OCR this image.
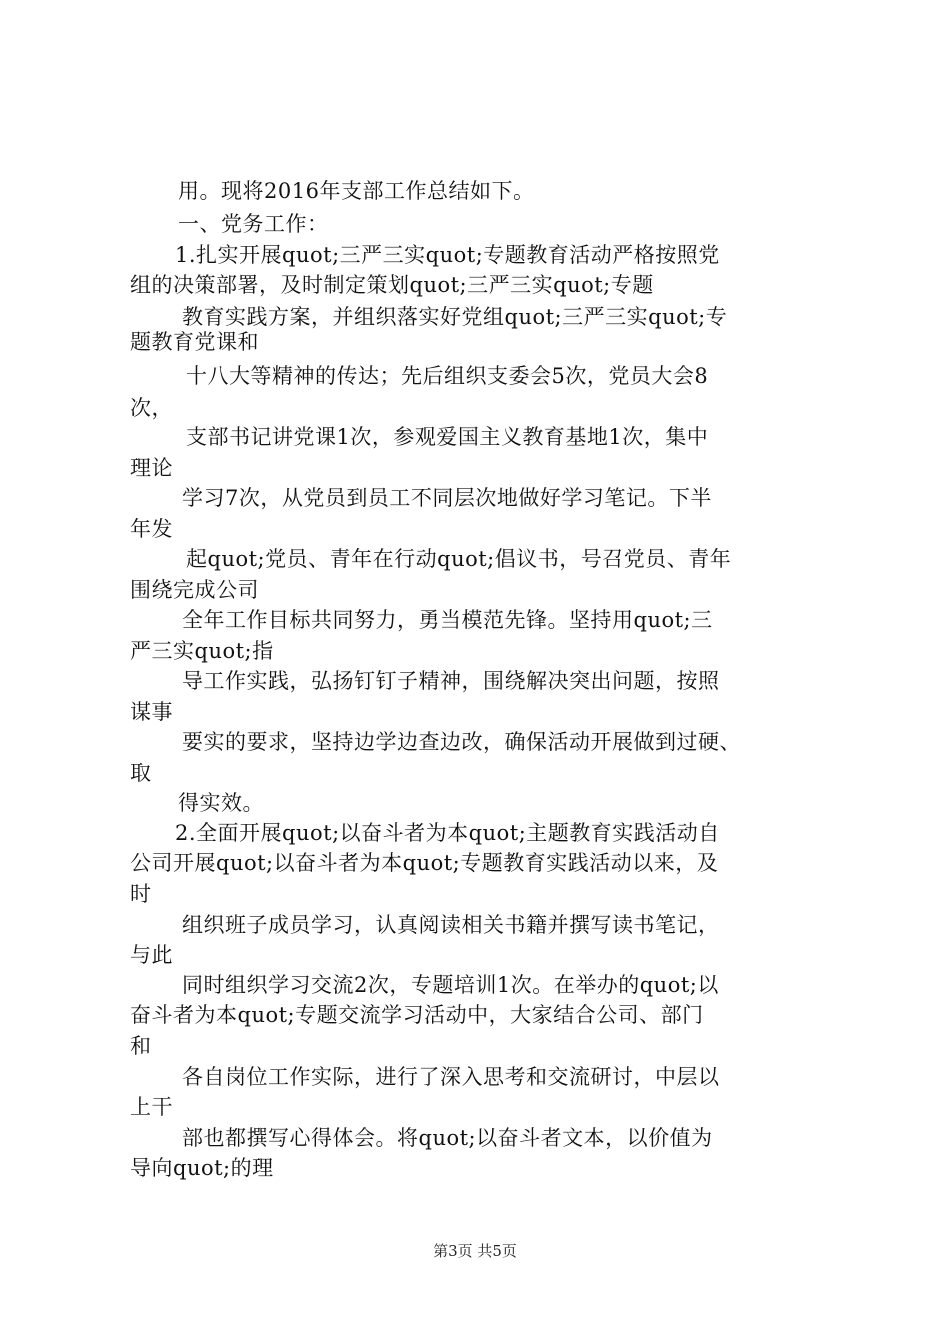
用。现将2016年支部工作总结如下。
一、党务工作：
1.扎实开展quot;三严三实quot;专题教育活动严格按照党
组的决策部署，及时制定策划quot;三严三实quot;专题
教育实践方案，并组织落实好党组quot;三严三实quot;专
题教育党课和
十八大等精神的传达；先后组织支委会5次，党员大会8
次，
支部书记讲党课1次，参观爱国主义教育基地1次，集中
理论
学习7次，从党员到员工不同层次地做好学习笔记。下半
年发
起quot;党员、青年在行动quot;倡议书，号召党员、青年
围绕完成公司
全年工作目标共同努力，勇当模范先锋。坚持用quot;三
严三实quot;指
导工作实践，弘扬钉钉子精神，围绕解决突出问题，按照
谋事
要实的要求，坚持边学边查边改，确保活动开展做到过硬、
取
得实效。
2.全面开展quot;以奋斗者为本quot;主题教育实践活动自
公司开展quot;以奋斗者为本quot;专题教育实践活动以来，及
时
组织班子成员学习，认真阅读相关书籍并撰写读书笔记，
与此
同时组织学习交流2次，专题培训1次。在举办的quot;以
奋斗者为本quot;专题交流学习活动中，大家结合公司、部门
和
各自岗位工作实际，进行了深入思考和交流研讨，中层以
上干
部也都撰写心得体会。将quot;以奋斗者文本，以价值为
导向quot;的理
第3页 共5页
